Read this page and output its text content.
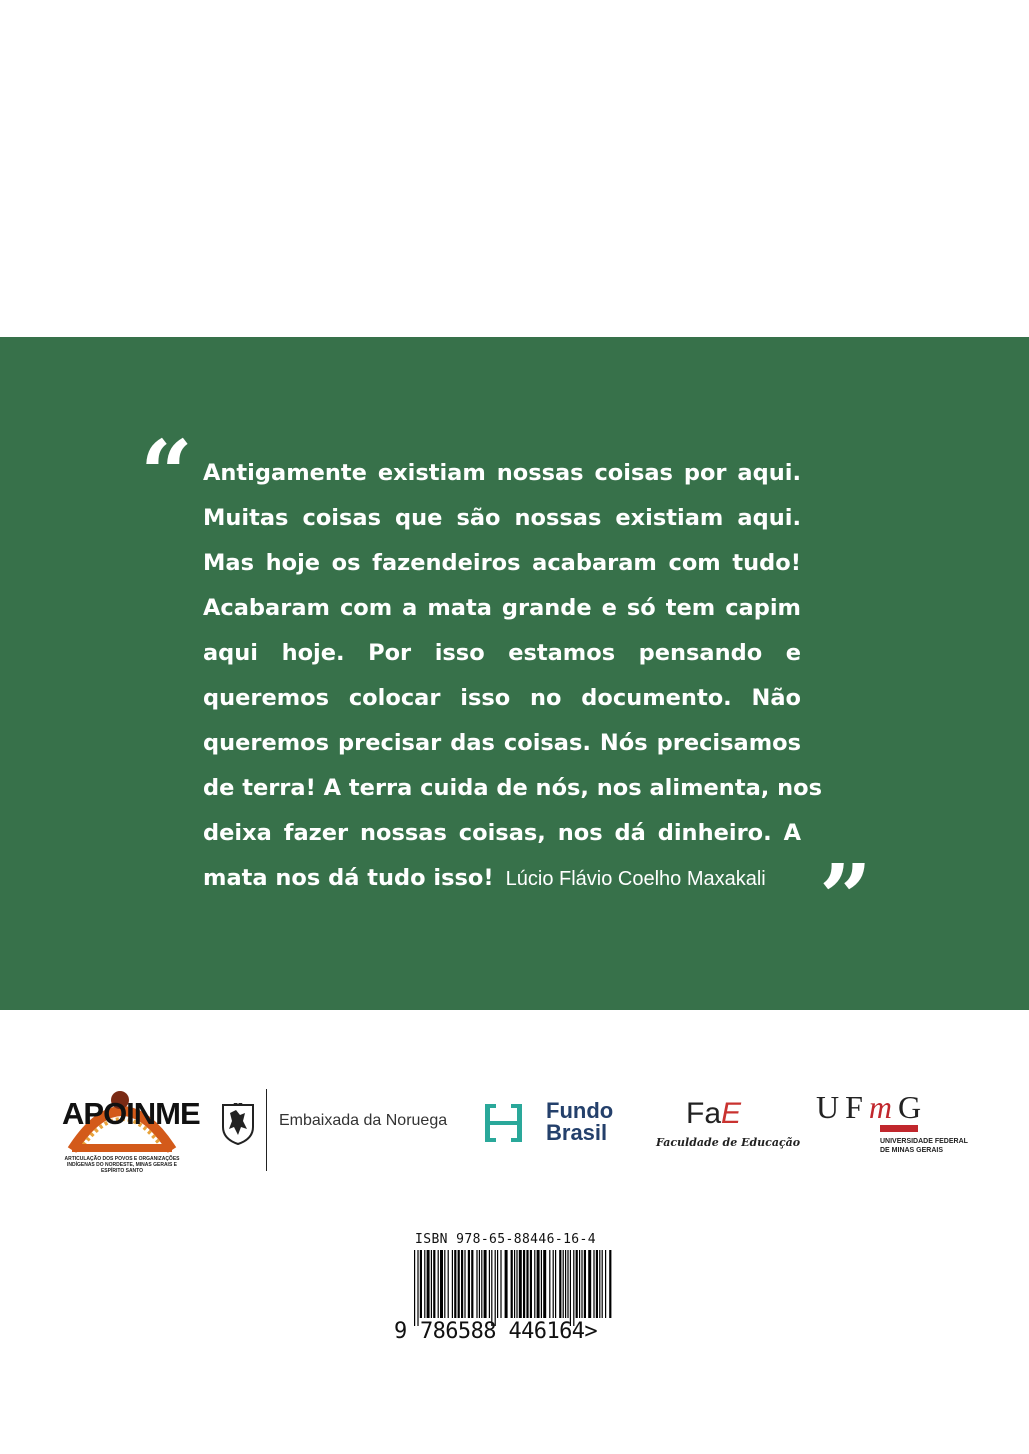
“ Antigamente existiam nossas coisas por aqui.
Muitas coisas que são nossas existiam aqui.
Mas hoje os fazendeiros acabaram com tudo!
Acabaram com a mata grande e só tem capim
aqui hoje. Por isso estamos pensando e
queremos colocar isso no documento. Não
queremos precisar das coisas. Nós precisamos
de terra! A terra cuida de nós, nos alimenta, nos
deixa fazer nossas coisas, nos dá dinheiro. A
mata nos dá tudo isso! Lúcio Flávio Coelho Maxakali ”
APOINME
ARTICULAÇÃO DOS POVOS E ORGANIZAÇÕES INDÍGENAS DO NORDESTE, MINAS GERAIS E ESPÍRITO SANTO
Embaixada da Noruega	Fundo
Brasil
FaE
Faculdade de Educação
UFmG
UNIVERSIDADE FEDERAL
DE MINAS GERAIS
ISBN 978-65-88446-16-4
9 786588 446164>
